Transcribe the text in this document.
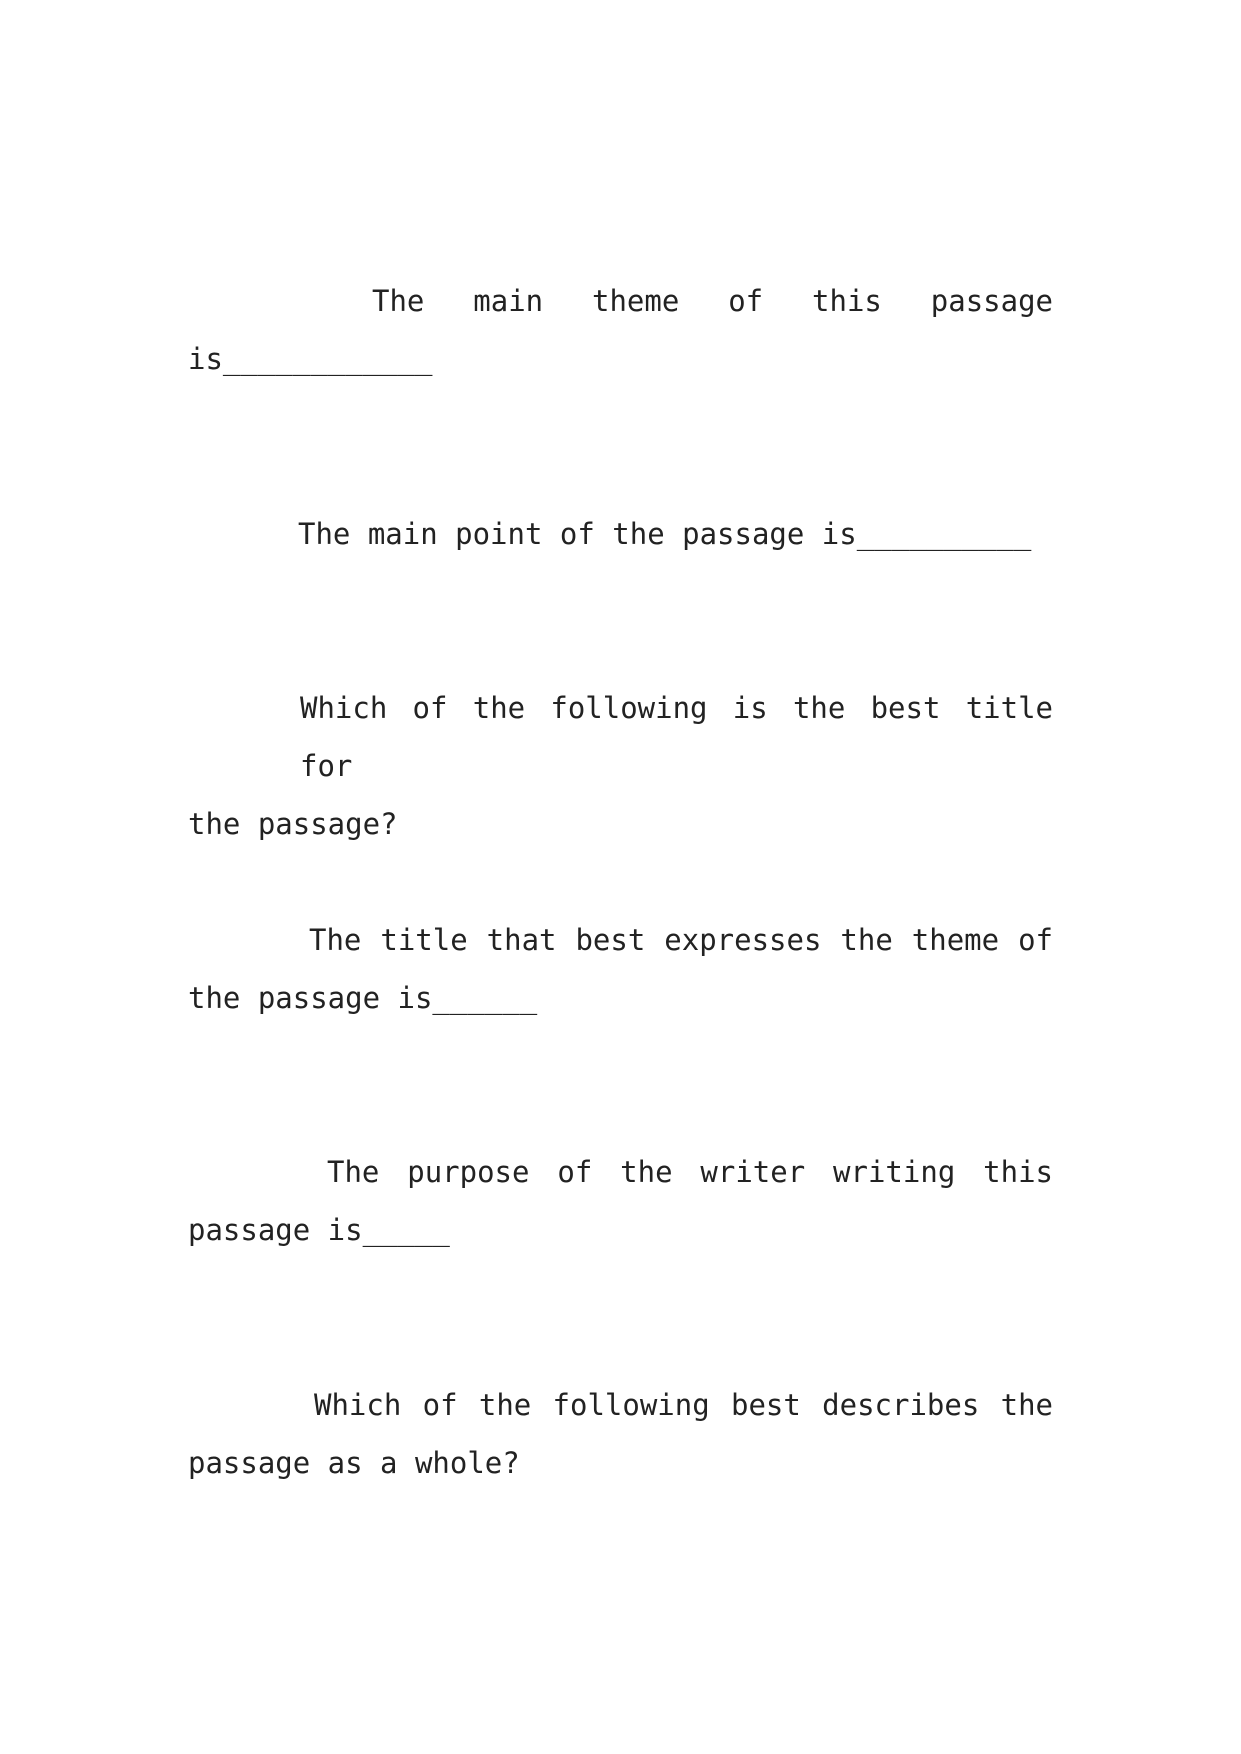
The main theme of this passage
is____________
The main point of the passage is__________
Which of the following is the best title for
the passage?
The title that best expresses the theme of
the passage is______
The purpose of the writer writing this
passage is_____
Which of the following best describes the
passage as a whole?
